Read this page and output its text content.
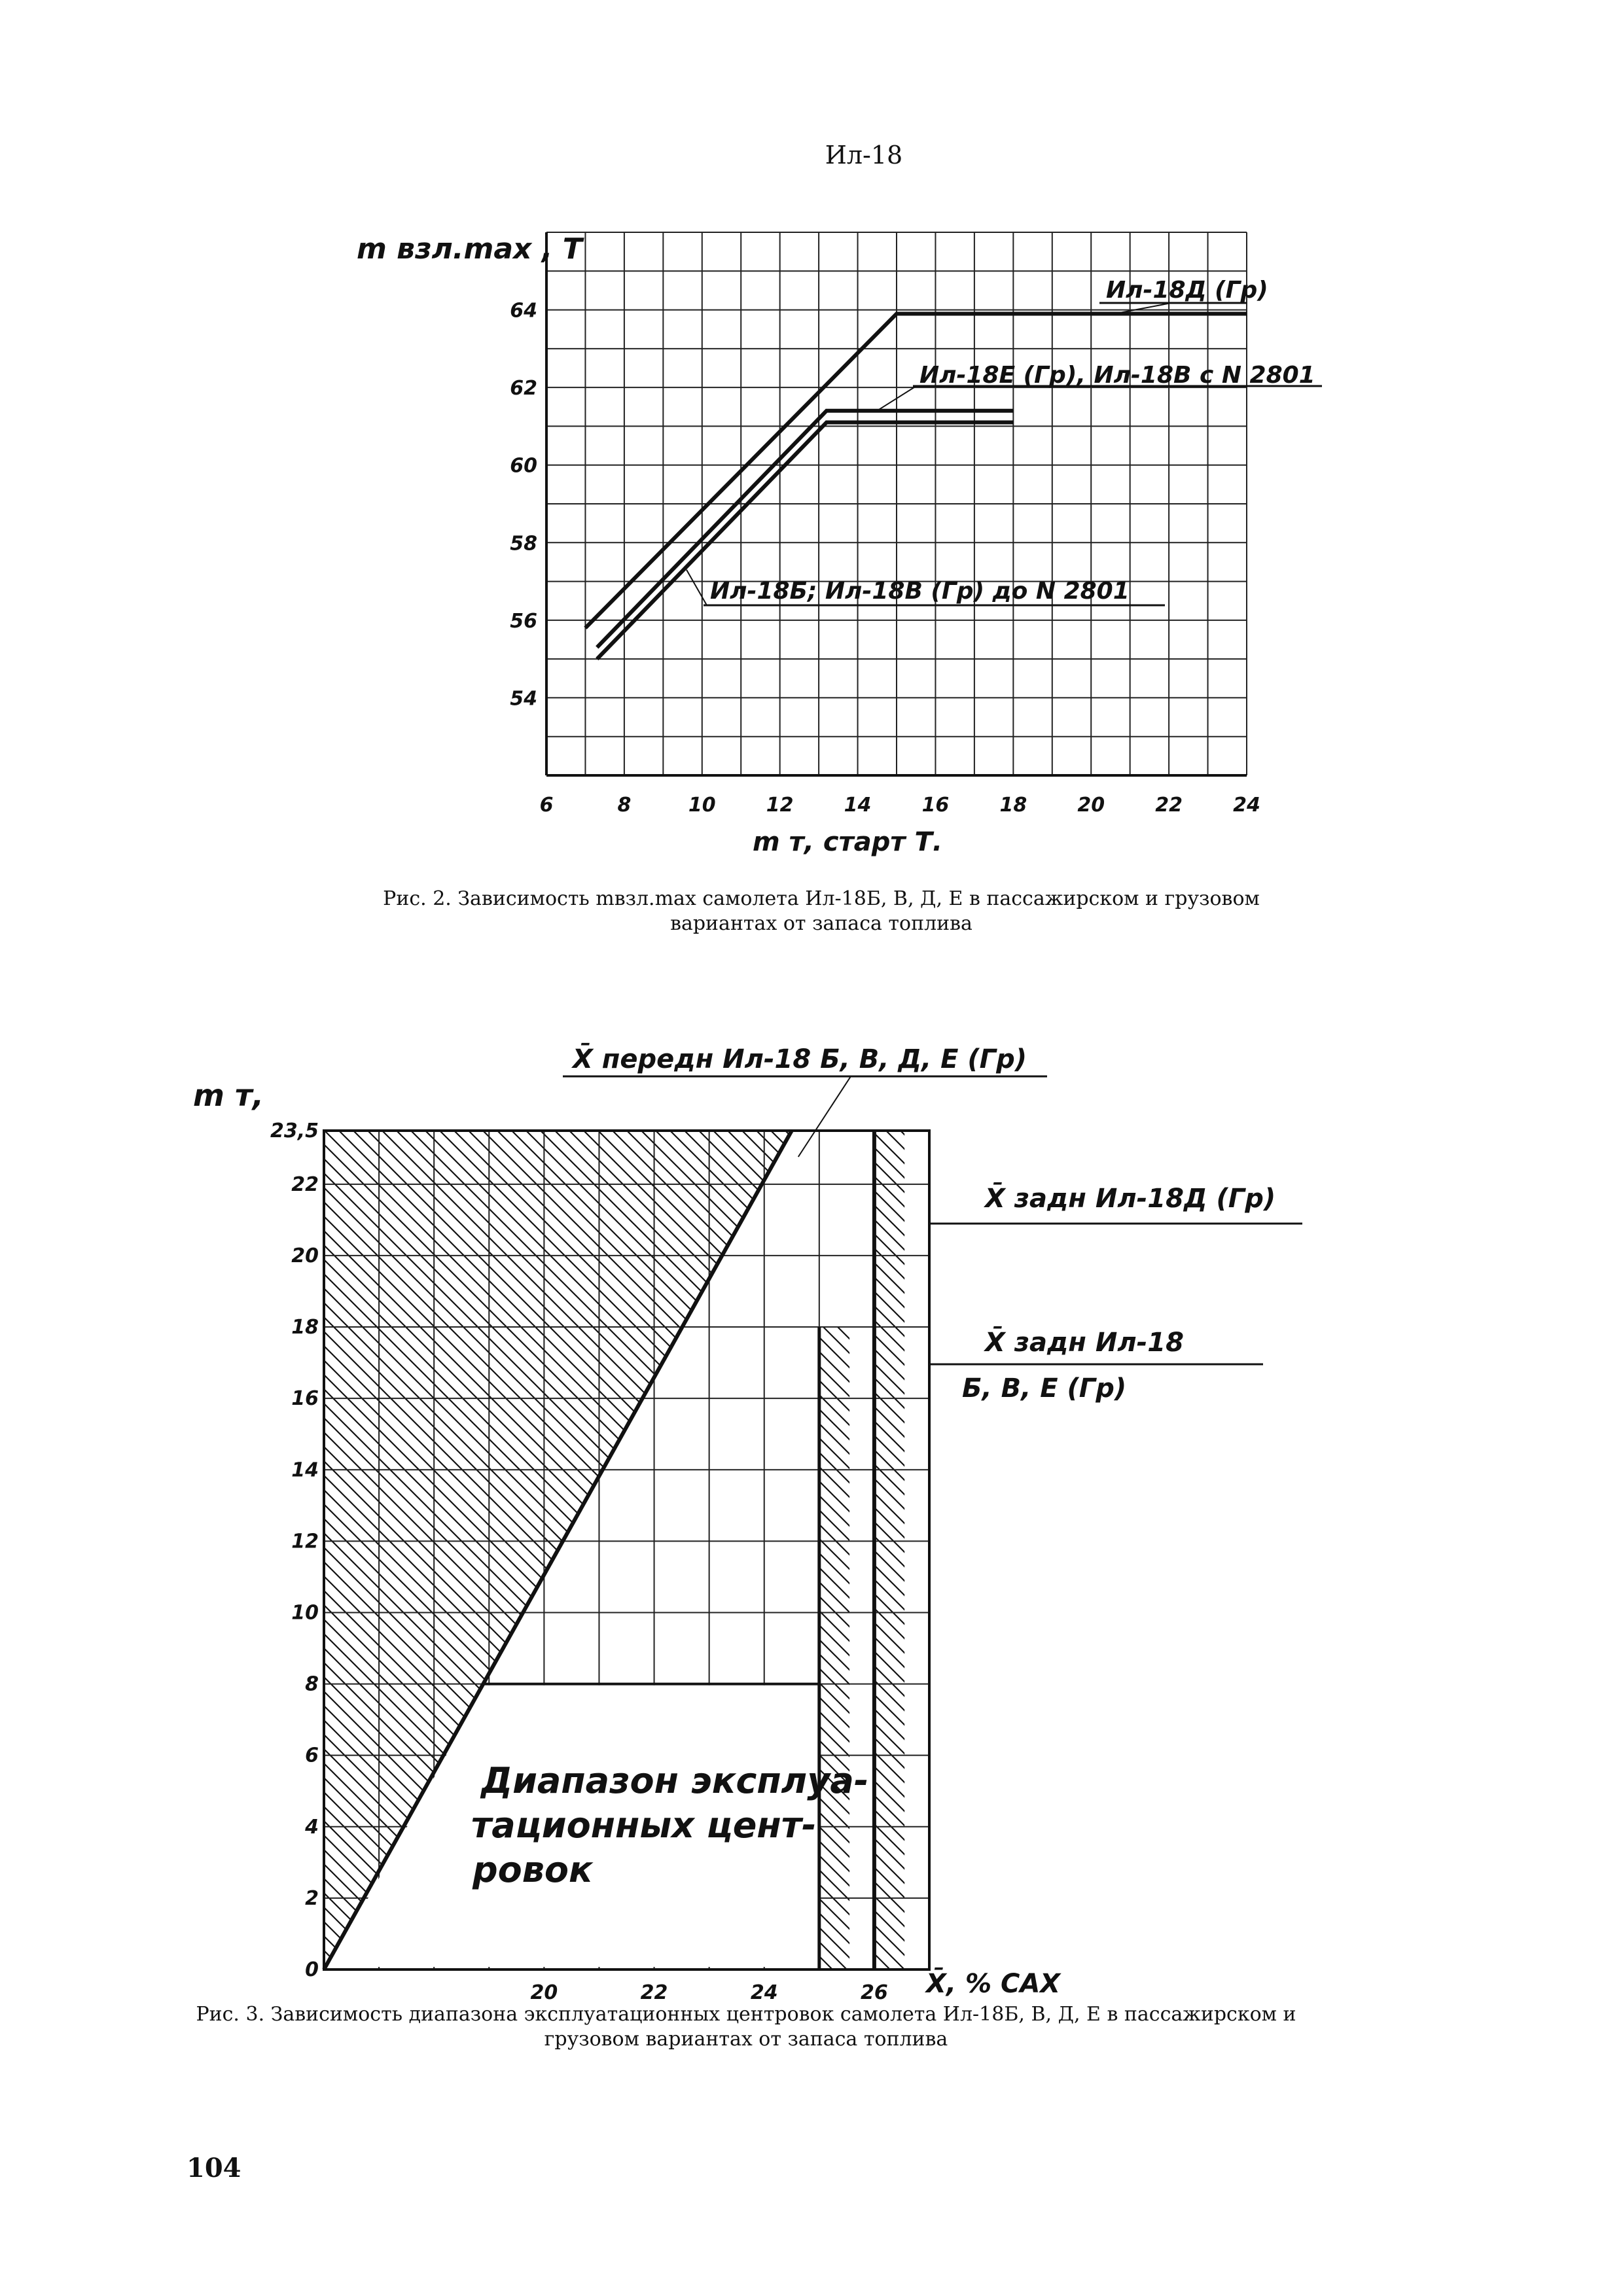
Ил-18
6	8	10	12	14	16	18	20	22	24
64
62
60
58
56
54
m взл.max , Т
m т, старт Т.
Ил-18Д (Гр)
Ил-18Е (Гр), Ил-18В с N 2801
Ил-18Б; Ил-18В (Гр) до N 2801
Рис. 2. Зависимость mвзл.max самолета Ил-18Б, В, Д, Е в пассажирском и грузовом вариантах от запаса топлива
20	22	24	26
23,5
22
20
18
16
14
12
10
8
6
4
2
0
m т,
X̄, % САХ
X̄ передн Ил-18 Б, В, Д, Е (Гр)
X̄ задн Ил-18Д (Гр)
X̄ задн Ил-18 Б, В, Е (Гр)
Диапазон эксплуа- тационных цент- ровок
Рис. 3. Зависимость диапазона эксплуатационных центровок самолета Ил-18Б, В, Д, Е в пассажирском и грузовом вариантах от запаса топлива
104
